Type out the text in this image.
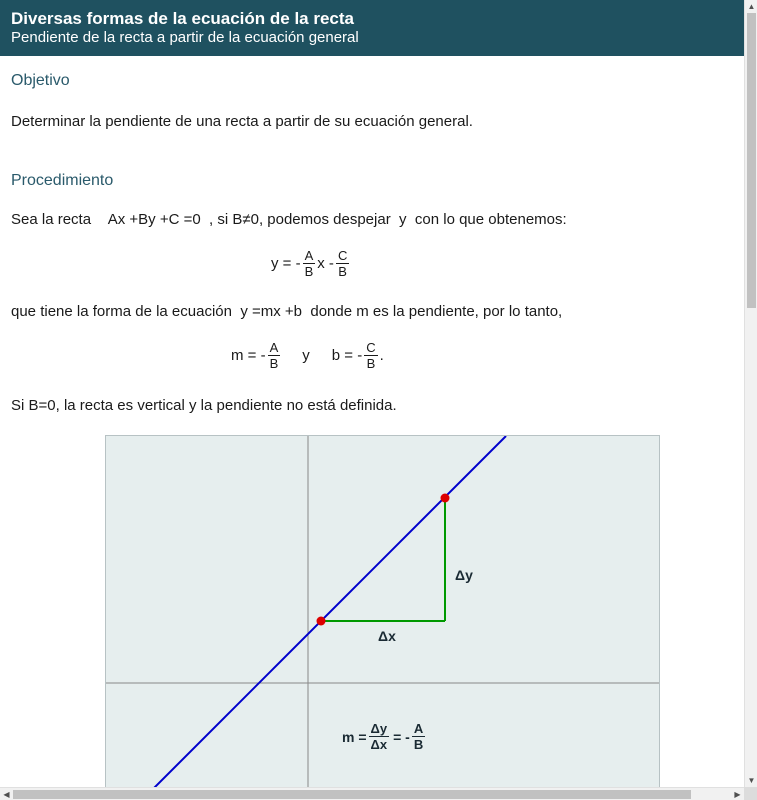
Diversas formas de la ecuación de la recta
Pendiente de la recta a partir de la ecuación general
Objetivo
Determinar la pendiente de una recta a partir de su ecuación general.
Procedimiento
Sea la recta Ax +By +C =0 , si B≠0, podemos despejar y con lo que obtenemos:
y = - $\frac{A}{B}$ x - $\frac{C}{B}$
que tiene la forma de la ecuación y =mx +b donde m es la pendiente, por lo tanto,
m = - $\frac{A}{B}$ y b = - $\frac{C}{B}$ .
Si B=0, la recta es vertical y la pendiente no está definida.
Δx
Δy
$m = \frac{\Delta y}{\Delta x}$ = - $\frac{A}{B}$
▲
▼
◀	▶
